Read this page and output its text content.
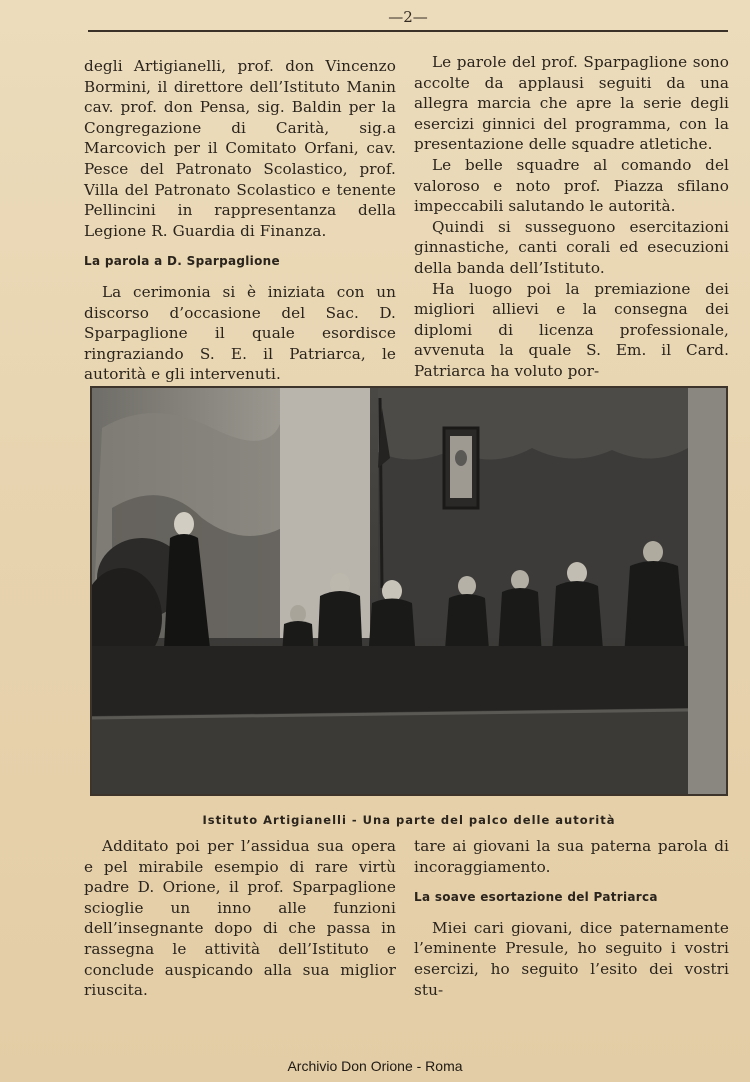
—2—

degli Artigianelli, prof. don Vincenzo Bormini, il direttore dell’Istituto Manin cav. prof. don Pensa, sig. Baldin per la Congregazione di Carità, sig.a Marcovich per il Comitato Orfani, cav. Pesce del Patronato Scolastico, prof. Villa del Patronato Scolastico e tenente Pellincini in rappresentanza della Legione R. Guardia di Finanza.

La parola a D. Sparpaglione

La cerimonia si è iniziata con un discorso d’occasione del Sac. D. Sparpaglione il quale esordisce ringraziando S. E. il Patriarca, le autorità e gli intervenuti.

Le parole del prof. Sparpaglione sono accolte da applausi seguiti da una allegra marcia che apre la serie degli esercizi ginnici del programma, con la presentazione delle squadre atletiche.

Le belle squadre al comando del valoroso e noto prof. Piazza sfilano impeccabili salutando le autorità.

Quindi si susseguono esercitazioni ginnastiche, canti corali ed esecuzioni della banda dell’Istituto.

Ha luogo poi la premiazione dei migliori allievi e la consegna dei diplomi di licenza professionale, avvenuta la quale S. Em. il Card. Patriarca ha voluto por-

Istituto Artigianelli - Una parte del palco delle autorità

Additato poi per l’assidua sua opera e pel mirabile esempio di rare virtù padre D. Orione, il prof. Sparpaglione scioglie un inno alle funzioni dell’insegnante dopo di che passa in rassegna le attività dell’Istituto e conclude auspicando alla sua miglior riuscita.

tare ai giovani la sua paterna parola di incoraggiamento.

La soave esortazione del Patriarca

Miei cari giovani, dice paternamente l’eminente Presule, ho seguito i vostri esercizi, ho seguito l’esito dei vostri stu-

Archivio Don Orione - Roma
